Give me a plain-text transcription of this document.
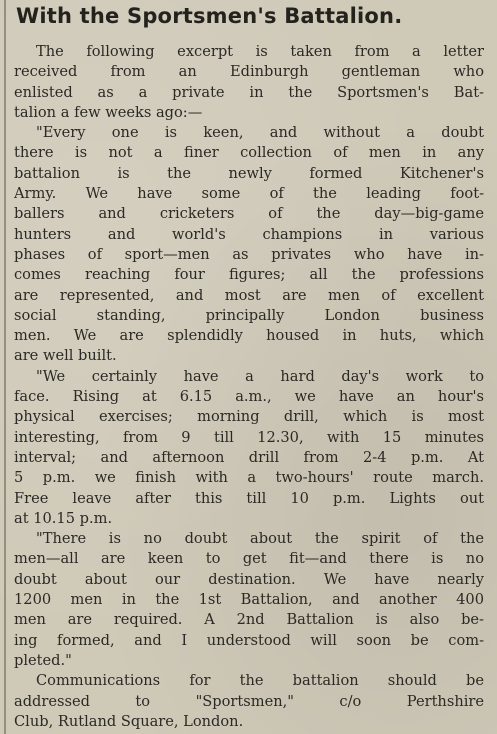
With the Sportsmen's Battalion.
The following excerpt is taken from a letter
received from an Edinburgh gentleman who
enlisted as a private in the Sportsmen's Bat-
talion a few weeks ago:—
"Every one is keen, and without a doubt
there is not a finer collection of men in any
battalion is the newly formed Kitchener's
Army. We have some of the leading foot-
ballers and cricketers of the day—big-game
hunters and world's champions in various
phases of sport—men as privates who have in-
comes reaching four figures; all the professions
are represented, and most are men of excellent
social standing, principally London business
men. We are splendidly housed in huts, which
are well built.
"We certainly have a hard day's work to
face. Rising at 6.15 a.m., we have an hour's
physical exercises; morning drill, which is most
interesting, from 9 till 12.30, with 15 minutes
interval; and afternoon drill from 2-4 p.m. At
5 p.m. we finish with a two-hours' route march.
Free leave after this till 10 p.m. Lights out
at 10.15 p.m.
"There is no doubt about the spirit of the
men—all are keen to get fit—and there is no
doubt about our destination. We have nearly
1200 men in the 1st Battalion, and another 400
men are required. A 2nd Battalion is also be-
ing formed, and I understood will soon be com-
pleted."
Communications for the battalion should be
addressed to "Sportsmen," c/o Perthshire
Club, Rutland Square, London.
